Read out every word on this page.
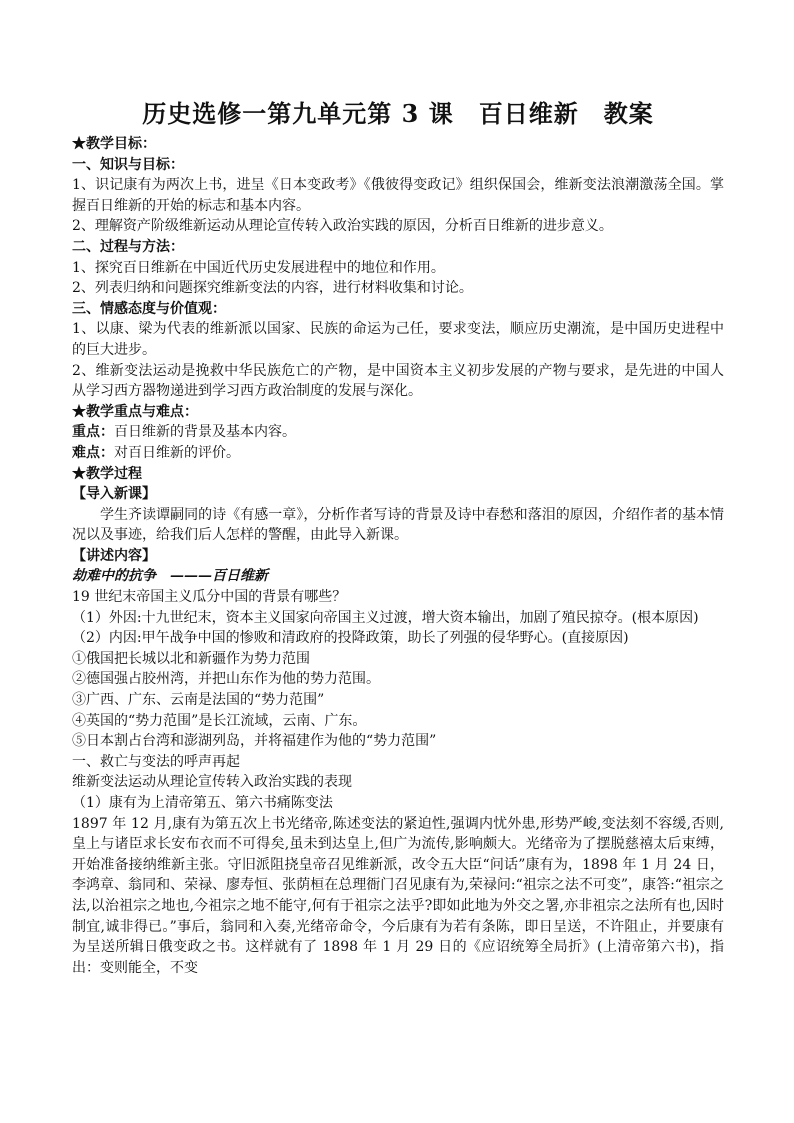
历史选修一第九单元第 3 课　百日维新　教案

★教学目标：

一、知识与目标：

1、识记康有为两次上书，进呈《日本变政考》《俄彼得变政记》组织保国会，维新变法浪潮激荡全国。掌握百日维新的开始的标志和基本内容。

2、理解资产阶级维新运动从理论宣传转入政治实践的原因，分析百日维新的进步意义。

二、过程与方法：

1、探究百日维新在中国近代历史发展进程中的地位和作用。

2、列表归纳和问题探究维新变法的内容，进行材料收集和讨论。

三、情感态度与价值观：

1、以康、梁为代表的维新派以国家、民族的命运为己任，要求变法，顺应历史潮流，是中国历史进程中的巨大进步。

2、维新变法运动是挽救中华民族危亡的产物，是中国资本主义初步发展的产物与要求，是先进的中国人从学习西方器物递进到学习西方政治制度的发展与深化。

★教学重点与难点：

重点：百日维新的背景及基本内容。

难点：对百日维新的评价。

★教学过程

【导入新课】

学生齐读谭嗣同的诗《有感一章》，分析作者写诗的背景及诗中春愁和落泪的原因，介绍作者的基本情况以及事迹，给我们后人怎样的警醒，由此导入新课。

【讲述内容】

劫难中的抗争　———百日维新

19 世纪末帝国主义瓜分中国的背景有哪些？

（1）外因:十九世纪末，资本主义国家向帝国主义过渡，增大资本输出，加剧了殖民掠夺。(根本原因)

（2）内因:甲午战争中国的惨败和清政府的投降政策，助长了列强的侵华野心。(直接原因)

①俄国把长城以北和新疆作为势力范围

②德国强占胶州湾，并把山东作为他的势力范围。

③广西、广东、云南是法国的“势力范围”

④英国的“势力范围”是长江流域，云南、广东。

⑤日本割占台湾和澎湖列岛，并将福建作为他的“势力范围”

一、救亡与变法的呼声再起

维新变法运动从理论宣传转入政治实践的表现

（1）康有为上清帝第五、第六书痛陈变法

1897 年 12 月,康有为第五次上书光绪帝,陈述变法的紧迫性,强调内忧外患,形势严峻,变法刻不容缓,否则,皇上与诸臣求长安布衣而不可得矣,虽未到达皇上,但广为流传,影响颇大。光绪帝为了摆脱慈禧太后束缚，开始准备接纳维新主张。守旧派阻挠皇帝召见维新派，改令五大臣“问话”康有为，1898 年 1 月 24 日，李鸿章、翁同和、荣禄、廖寿恒、张荫桓在总理衙门召见康有为,荣禄问:“祖宗之法不可变”，康答:“祖宗之法,以治祖宗之地也,今祖宗之地不能守,何有于祖宗之法乎?即如此地为外交之署,亦非祖宗之法所有也,因时制宜,诚非得已。”事后，翁同和入奏,光绪帝命令，今后康有为若有条陈，即日呈送，不许阻止，并要康有为呈送所辑日俄变政之书。这样就有了 1898 年 1 月 29 日的《应诏统筹全局折》(上清帝第六书)，指出：变则能全，不变
